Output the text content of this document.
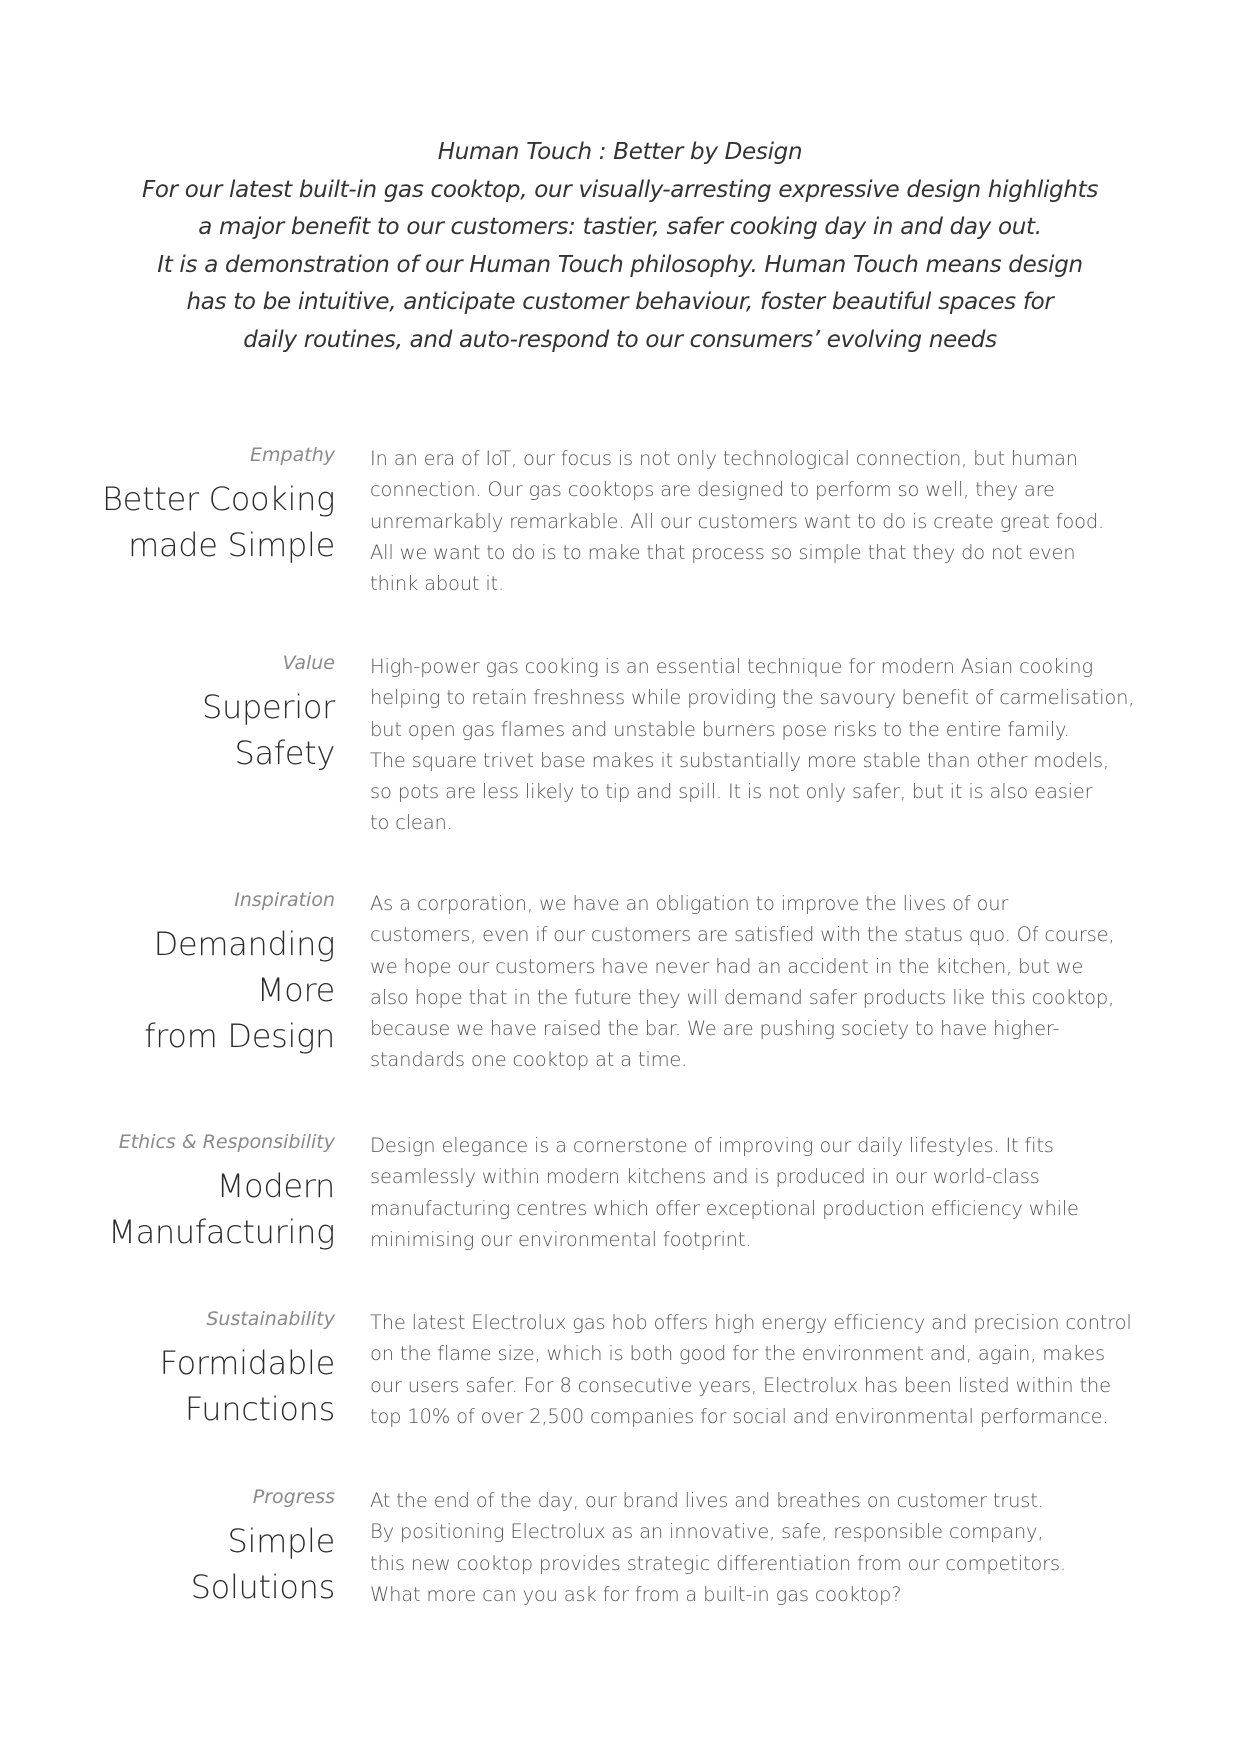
Human Touch : Better by Design

For our latest built-in gas cooktop, our visually-arresting expressive design highlights

a major benefit to our customers: tastier, safer cooking day in and day out.

It is a demonstration of our Human Touch philosophy. Human Touch means design

has to be intuitive, anticipate customer behaviour, foster beautiful spaces for

daily routines, and auto-respond to our consumers’ evolving needs

Empathy
Better Cooking
made Simple
In an era of IoT, our focus is not only technological connection, but human
connection. Our gas cooktops are designed to perform so well, they are
unremarkably remarkable. All our customers want to do is create great food.
All we want to do is to make that process so simple that they do not even
think about it.
Value
Superior
Safety
High-power gas cooking is an essential technique for modern Asian cooking
helping to retain freshness while providing the savoury benefit of carmelisation,
but open gas flames and unstable burners pose risks to the entire family.
The square trivet base makes it substantially more stable than other models,
so pots are less likely to tip and spill. It is not only safer, but it is also easier
to clean.
Inspiration
Demanding
More
from Design
As a corporation, we have an obligation to improve the lives of our
customers, even if our customers are satisfied with the status quo. Of course,
we hope our customers have never had an accident in the kitchen, but we
also hope that in the future they will demand safer products like this cooktop,
because we have raised the bar. We are pushing society to have higher-
standards one cooktop at a time.
Ethics & Responsibility
Modern
Manufacturing
Design elegance is a cornerstone of improving our daily lifestyles. It fits
seamlessly within modern kitchens and is produced in our world-class
manufacturing centres which offer exceptional production efficiency while
minimising our environmental footprint.
Sustainability
Formidable
Functions
The latest Electrolux gas hob offers high energy efficiency and precision control
on the flame size, which is both good for the environment and, again, makes
our users safer. For 8 consecutive years, Electrolux has been listed within the
top 10% of over 2,500 companies for social and environmental performance.
Progress
Simple
Solutions
At the end of the day, our brand lives and breathes on customer trust.
By positioning Electrolux as an innovative, safe, responsible company,
this new cooktop provides strategic differentiation from our competitors.
What more can you ask for from a built-in gas cooktop?
